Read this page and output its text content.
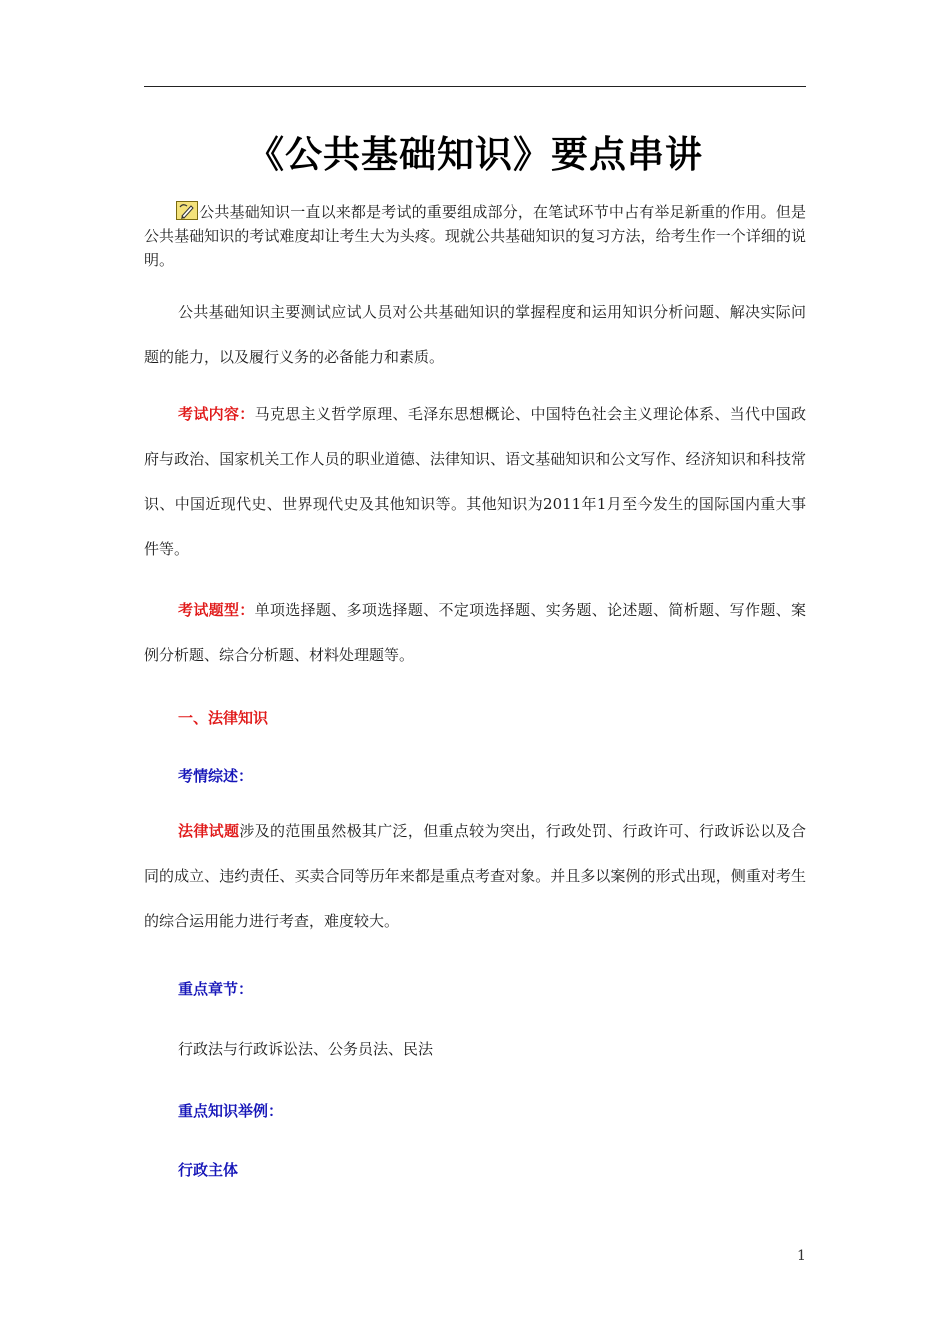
《公共基础知识》要点串讲
公共基础知识一直以来都是考试的重要组成部分，在笔试环节中占有举足新重的作用。但是公共基础知识的考试难度却让考生大为头疼。现就公共基础知识的复习方法，给考生作一个详细的说明。
公共基础知识主要测试应试人员对公共基础知识的掌握程度和运用知识分析问题、解决实际问题的能力，以及履行义务的必备能力和素质。
考试内容：马克思主义哲学原理、毛泽东思想概论、中国特色社会主义理论体系、当代中国政府与政治、国家机关工作人员的职业道德、法律知识、语文基础知识和公文写作、经济知识和科技常识、中国近现代史、世界现代史及其他知识等。其他知识为2011年1月至今发生的国际国内重大事件等。
考试题型：单项选择题、多项选择题、不定项选择题、实务题、论述题、简析题、写作题、案例分析题、综合分析题、材料处理题等。
一、法律知识
考情综述：
法律试题涉及的范围虽然极其广泛，但重点较为突出，行政处罚、行政许可、行政诉讼以及合同的成立、违约责任、买卖合同等历年来都是重点考查对象。并且多以案例的形式出现，侧重对考生的综合运用能力进行考查，难度较大。
重点章节：
行政法与行政诉讼法、公务员法、民法
重点知识举例：
行政主体
1
